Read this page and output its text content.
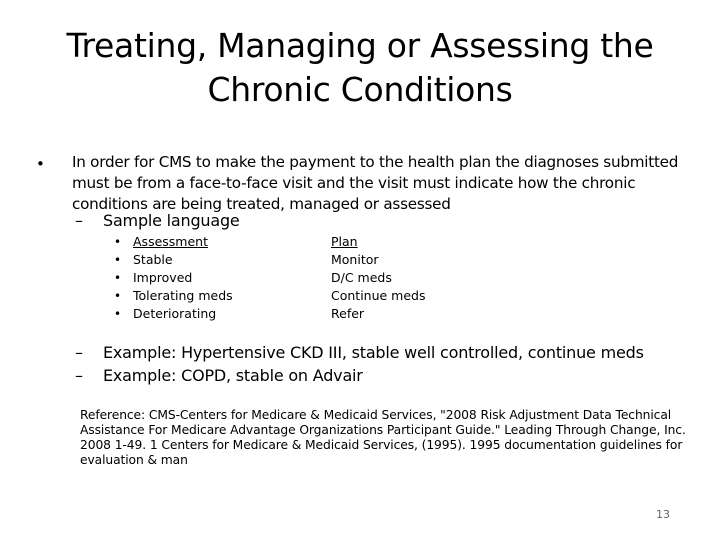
Treating, Managing or Assessing the
Chronic Conditions
• In order for CMS to make the payment to the health plan the diagnoses submitted must be from a face-to-face visit and the visit must indicate how the chronic conditions are being treated, managed or assessed
– Sample language
• Assessment
• Stable
• Improved
• Tolerating meds
• Deteriorating
Plan
Monitor
D/C meds
Continue meds
Refer
– Example: Hypertensive CKD III, stable well controlled, continue meds
– Example: COPD, stable on Advair
Reference: CMS-Centers for Medicare & Medicaid Services, "2008 Risk Adjustment Data Technical Assistance For Medicare Advantage Organizations Participant Guide." Leading Through Change, Inc. 2008 1-49. 1 Centers for Medicare & Medicaid Services, (1995). 1995 documentation guidelines for evaluation & man
13
